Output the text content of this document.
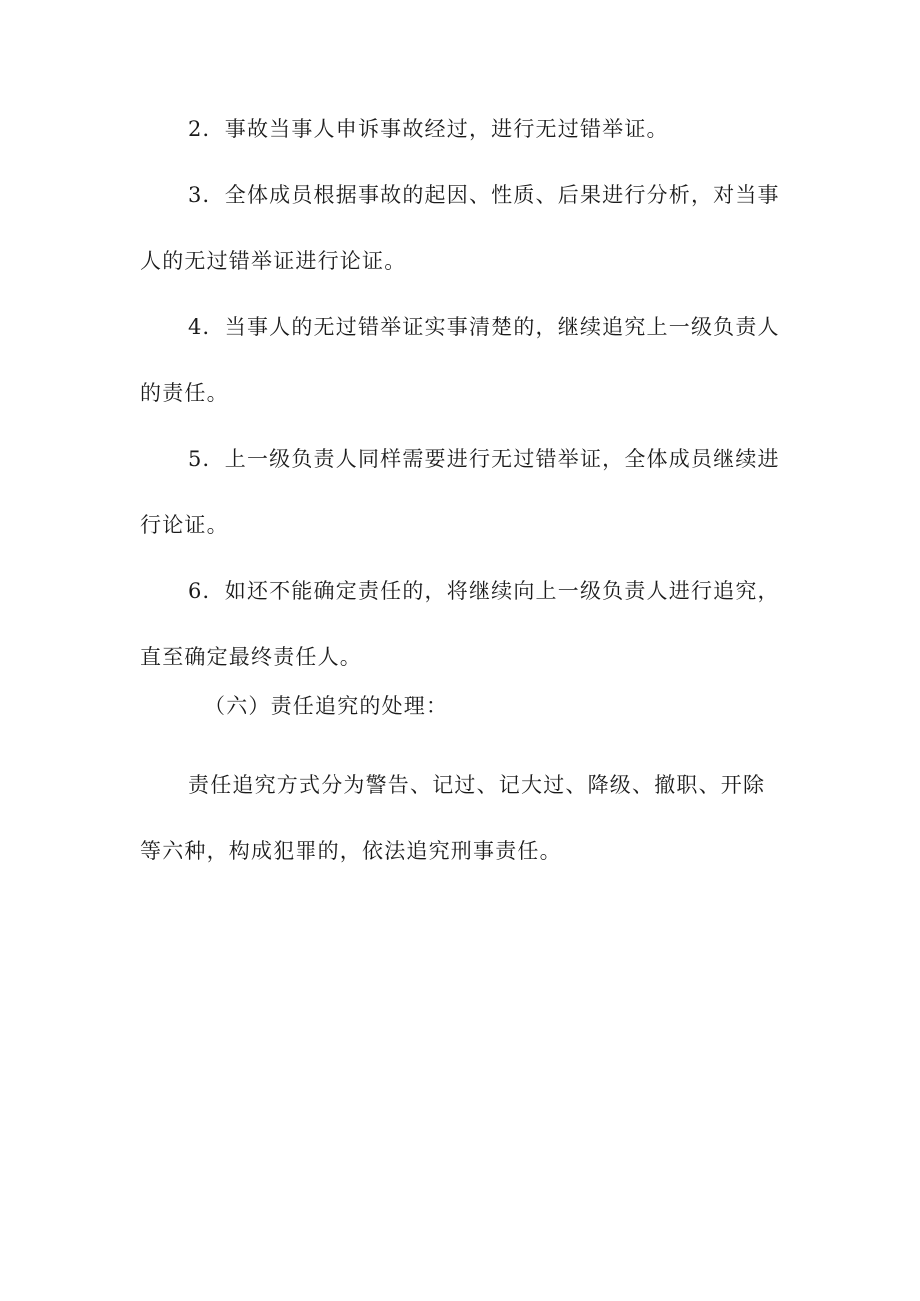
2．事故当事人申诉事故经过，进行无过错举证。

3．全体成员根据事故的起因、性质、后果进行分析，对当事人的无过错举证进行论证。

4．当事人的无过错举证实事清楚的，继续追究上一级负责人的责任。

5．上一级负责人同样需要进行无过错举证，全体成员继续进行论证。

6．如还不能确定责任的，将继续向上一级负责人进行追究，直至确定最终责任人。

（六）责任追究的处理：

责任追究方式分为警告、记过、记大过、降级、撤职、开除等六种，构成犯罪的，依法追究刑事责任。
